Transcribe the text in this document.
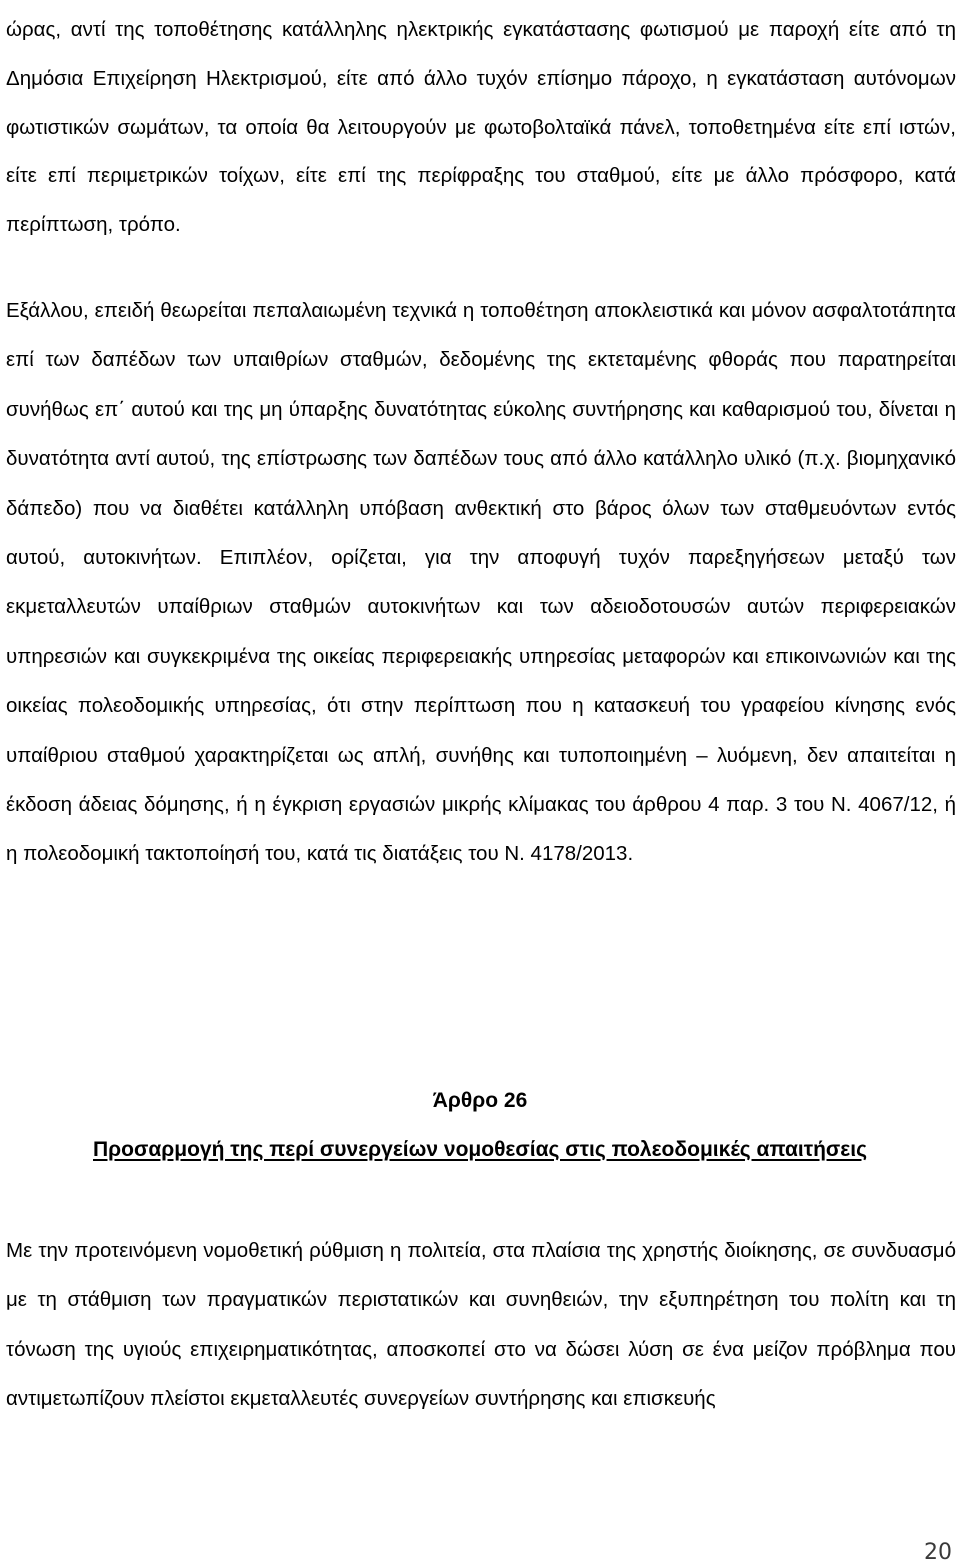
ώρας, αντί της τοποθέτησης κατάλληλης ηλεκτρικής εγκατάστασης φωτισμού με παροχή είτε από τη Δημόσια Επιχείρηση Ηλεκτρισμού, είτε από άλλο τυχόν επίσημο πάροχο, η εγκατάσταση αυτόνομων φωτιστικών σωμάτων, τα οποία θα λειτουργούν με φωτοβολταϊκά πάνελ, τοποθετημένα είτε επί ιστών, είτε επί περιμετρικών τοίχων, είτε επί της περίφραξης του σταθμού, είτε με άλλο πρόσφορο, κατά περίπτωση, τρόπο.

Εξάλλου, επειδή θεωρείται πεπαλαιωμένη τεχνικά η τοποθέτηση αποκλειστικά και μόνον ασφαλτοτάπητα επί των δαπέδων των υπαιθρίων σταθμών, δεδομένης της εκτεταμένης φθοράς που παρατηρείται συνήθως επ΄ αυτού και της μη ύπαρξης δυνατότητας εύκολης συντήρησης και καθαρισμού του, δίνεται η δυνατότητα αντί αυτού, της επίστρωσης των δαπέδων τους από άλλο κατάλληλο υλικό (π.χ. βιομηχανικό δάπεδο) που να διαθέτει κατάλληλη υπόβαση ανθεκτική στο βάρος όλων των σταθμευόντων εντός αυτού, αυτοκινήτων. Επιπλέον, ορίζεται, για την αποφυγή τυχόν παρεξηγήσεων μεταξύ των εκμεταλλευτών υπαίθριων σταθμών αυτοκινήτων και των αδειοδοτουσών αυτών περιφερειακών υπηρεσιών και συγκεκριμένα της οικείας περιφερειακής υπηρεσίας μεταφορών και επικοινωνιών και της οικείας πολεοδομικής υπηρεσίας, ότι στην περίπτωση που η κατασκευή του γραφείου κίνησης ενός υπαίθριου σταθμού χαρακτηρίζεται ως απλή, συνήθης και τυποποιημένη – λυόμενη, δεν απαιτείται η έκδοση άδειας δόμησης, ή η έγκριση εργασιών μικρής κλίμακας του άρθρου 4 παρ. 3 του Ν. 4067/12, ή η πολεοδομική τακτοποίησή του, κατά τις διατάξεις του Ν. 4178/2013.

Άρθρο 26
Προσαρμογή της περί συνεργείων νομοθεσίας στις πολεοδομικές απαιτήσεις

Με την προτεινόμενη νομοθετική ρύθμιση η πολιτεία, στα πλαίσια της χρηστής διοίκησης, σε συνδυασμό με τη στάθμιση των πραγματικών περιστατικών και συνηθειών, την εξυπηρέτηση του πολίτη και τη τόνωση της υγιούς επιχειρηματικότητας, αποσκοπεί στο να δώσει λύση σε ένα μείζον πρόβλημα που αντιμετωπίζουν πλείστοι εκμεταλλευτές συνεργείων συντήρησης και επισκευής

20
